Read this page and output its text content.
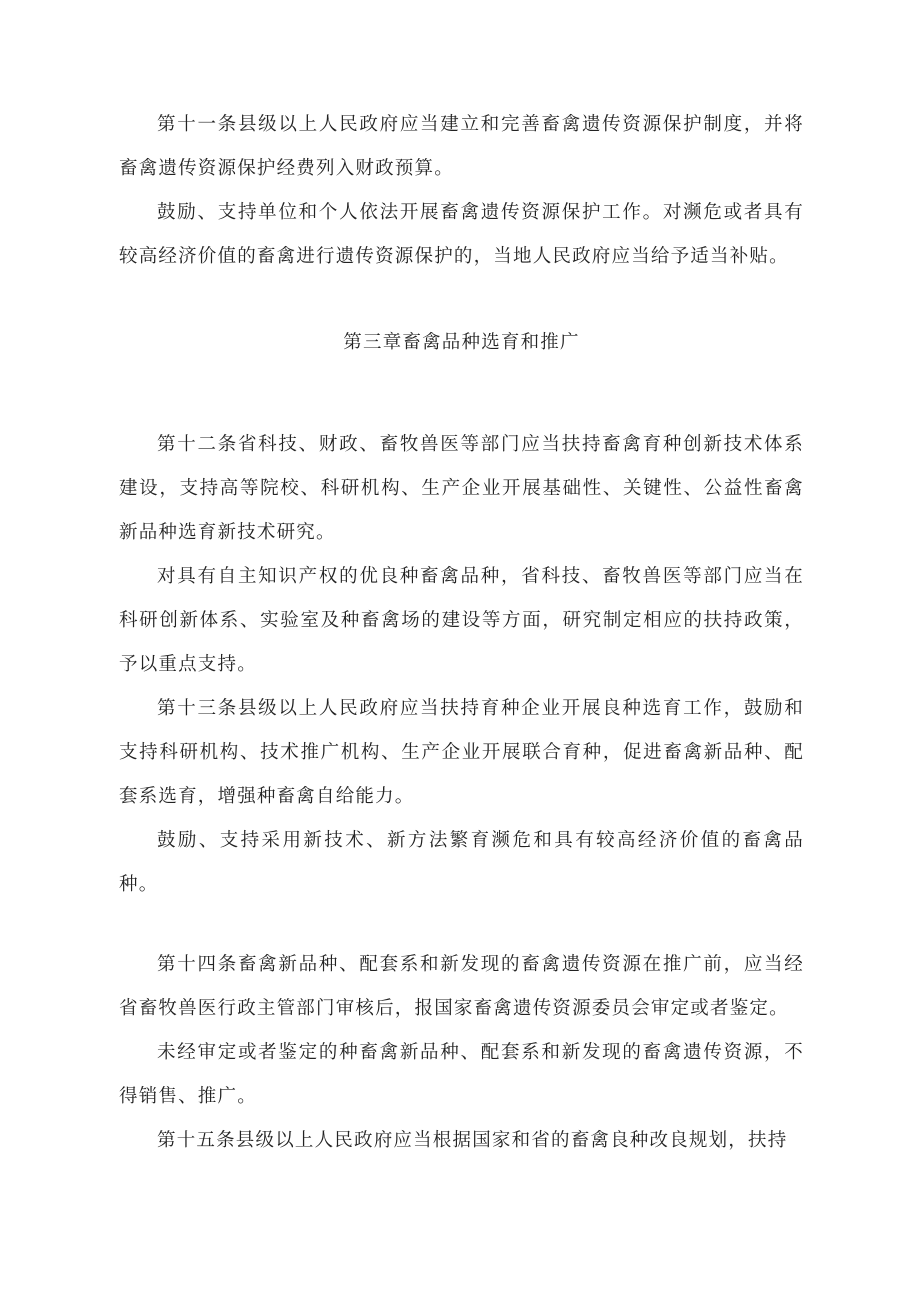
第十一条县级以上人民政府应当建立和完善畜禽遗传资源保护制度，并将畜禽遗传资源保护经费列入财政预算。

鼓励、支持单位和个人依法开展畜禽遗传资源保护工作。对濒危或者具有较高经济价值的畜禽进行遗传资源保护的，当地人民政府应当给予适当补贴。

第三章畜禽品种选育和推广

第十二条省科技、财政、畜牧兽医等部门应当扶持畜禽育种创新技术体系建设，支持高等院校、科研机构、生产企业开展基础性、关键性、公益性畜禽新品种选育新技术研究。

对具有自主知识产权的优良种畜禽品种，省科技、畜牧兽医等部门应当在科研创新体系、实验室及种畜禽场的建设等方面，研究制定相应的扶持政策，予以重点支持。

第十三条县级以上人民政府应当扶持育种企业开展良种选育工作，鼓励和支持科研机构、技术推广机构、生产企业开展联合育种，促进畜禽新品种、配套系选育，增强种畜禽自给能力。

鼓励、支持采用新技术、新方法繁育濒危和具有较高经济价值的畜禽品种。

第十四条畜禽新品种、配套系和新发现的畜禽遗传资源在推广前，应当经省畜牧兽医行政主管部门审核后，报国家畜禽遗传资源委员会审定或者鉴定。

未经审定或者鉴定的种畜禽新品种、配套系和新发现的畜禽遗传资源，不得销售、推广。

第十五条县级以上人民政府应当根据国家和省的畜禽良种改良规划，扶持
